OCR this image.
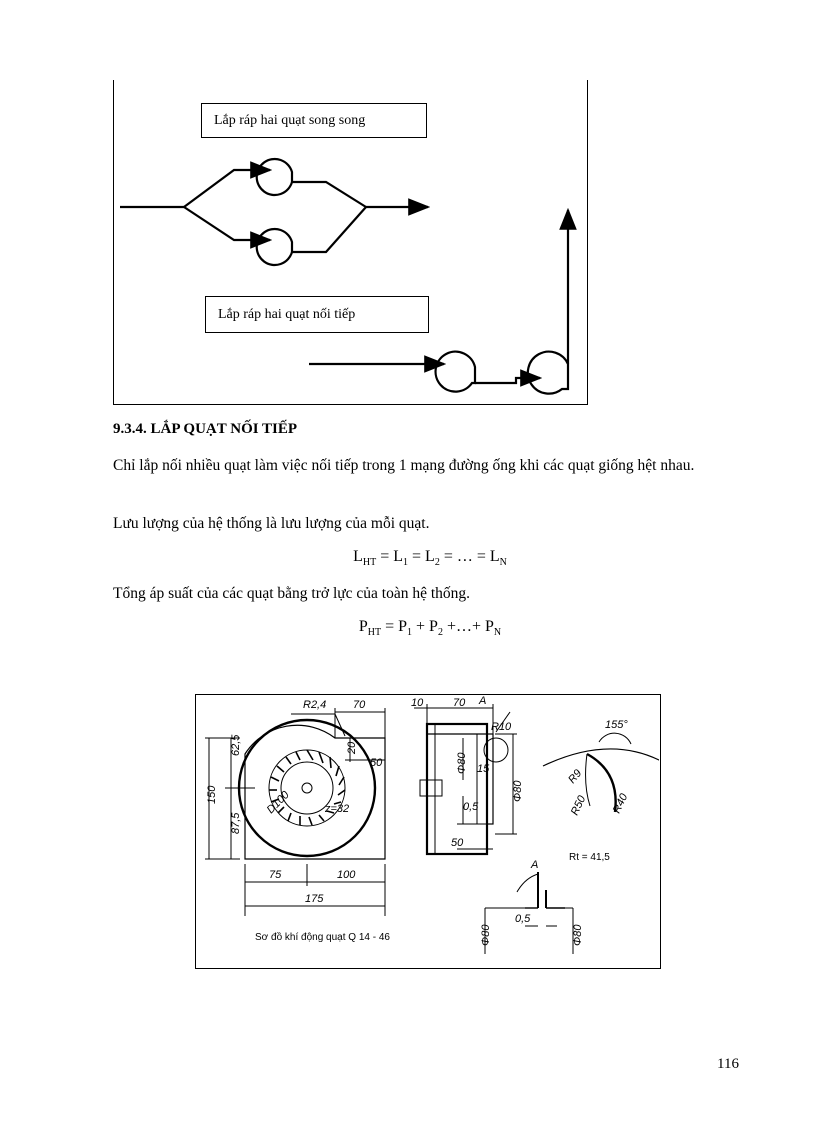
Lắp ráp hai quạt song song
Lắp ráp hai quạt nối tiếp
9.3.4. LẮP QUẠT NỐI TIẾP
Chỉ lắp nối nhiều quạt làm việc nối tiếp trong 1 mạng đường ống khi các quạt giống hệt nhau.
Lưu lượng của hệ thống là lưu lượng của mỗi quạt.
$L_{HT} = L_1 = L_2$ = … = $L_N$
Tổng áp suất của các quạt bằng trở lực của toàn hệ thống.
$P_{HT} = P_1 + P_2$ +…+ $P_N$
R2,4 70
20
50
62,5
150
87,5
D100	z=32
75	100
175
10	70 A
R10
Φ80 15
0,5
Φ80
50
155°
R9
R50 R40
A
Φ80
0,5
Φ80
Rt = 41,5
Sơ đồ khí động quạt Q 14 - 46
116
